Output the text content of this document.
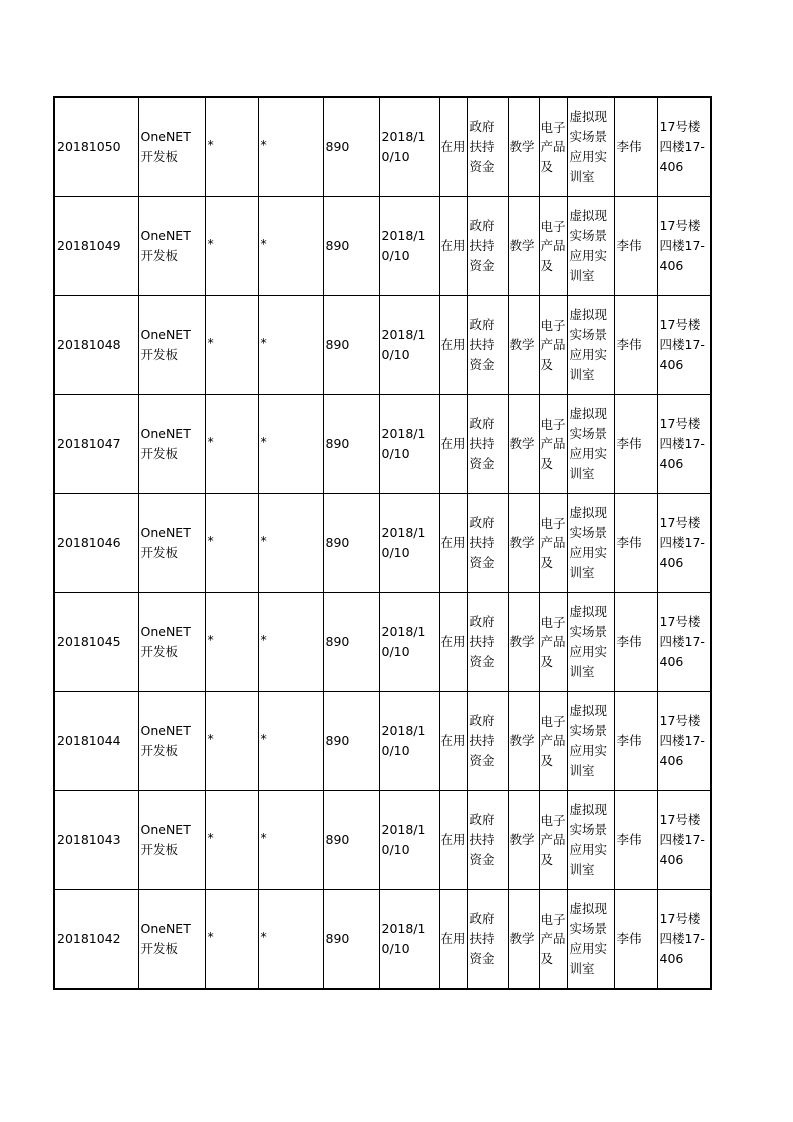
20181050	OneNET开发板	*	*	890	2018/10/10	在用	政府扶持资金	教学	电子产品及	虚拟现实场景应用实训室	李伟	17号楼四楼17-406
20181049	OneNET开发板	*	*	890	2018/10/10	在用	政府扶持资金	教学	电子产品及	虚拟现实场景应用实训室	李伟	17号楼四楼17-406
20181048	OneNET开发板	*	*	890	2018/10/10	在用	政府扶持资金	教学	电子产品及	虚拟现实场景应用实训室	李伟	17号楼四楼17-406
20181047	OneNET开发板	*	*	890	2018/10/10	在用	政府扶持资金	教学	电子产品及	虚拟现实场景应用实训室	李伟	17号楼四楼17-406
20181046	OneNET开发板	*	*	890	2018/10/10	在用	政府扶持资金	教学	电子产品及	虚拟现实场景应用实训室	李伟	17号楼四楼17-406
20181045	OneNET开发板	*	*	890	2018/10/10	在用	政府扶持资金	教学	电子产品及	虚拟现实场景应用实训室	李伟	17号楼四楼17-406
20181044	OneNET开发板	*	*	890	2018/10/10	在用	政府扶持资金	教学	电子产品及	虚拟现实场景应用实训室	李伟	17号楼四楼17-406
20181043	OneNET开发板	*	*	890	2018/10/10	在用	政府扶持资金	教学	电子产品及	虚拟现实场景应用实训室	李伟	17号楼四楼17-406
20181042	OneNET开发板	*	*	890	2018/10/10	在用	政府扶持资金	教学	电子产品及	虚拟现实场景应用实训室	李伟	17号楼四楼17-406
